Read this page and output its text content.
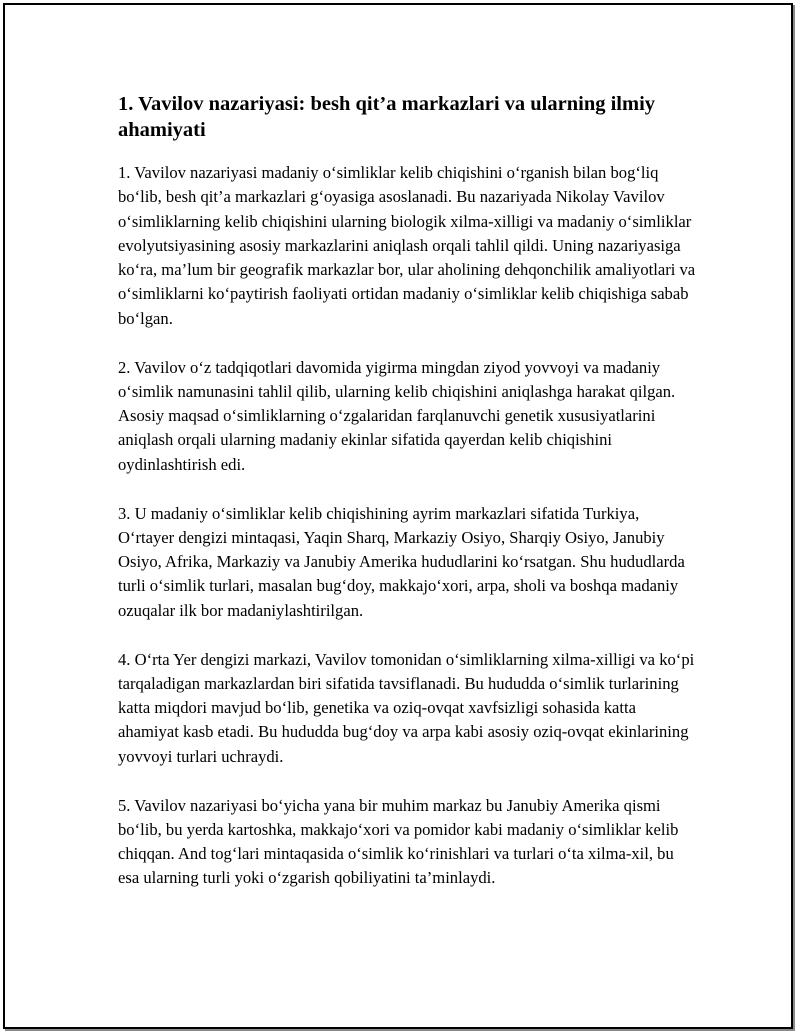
1. Vavilov nazariyasi: besh qit’a markazlari va ularning ilmiy ahamiyati

1. Vavilov nazariyasi madaniy o‘simliklar kelib chiqishini o‘rganish bilan bog‘liq bo‘lib, besh qit’a markazlari g‘oyasiga asoslanadi. Bu nazariyada Nikolay Vavilov o‘simliklarning kelib chiqishini ularning biologik xilma-xilligi va madaniy o‘simliklar evolyutsiyasining asosiy markazlarini aniqlash orqali tahlil qildi. Uning nazariyasiga ko‘ra, ma’lum bir geografik markazlar bor, ular aholining dehqonchilik amaliyotlari va o‘simliklarni ko‘paytirish faoliyati ortidan madaniy o‘simliklar kelib chiqishiga sabab bo‘lgan.

2. Vavilov o‘z tadqiqotlari davomida yigirma mingdan ziyod yovvoyi va madaniy o‘simlik namunasini tahlil qilib, ularning kelib chiqishini aniqlashga harakat qilgan. Asosiy maqsad o‘simliklarning o‘zgalaridan farqlanuvchi genetik xususiyatlarini aniqlash orqali ularning madaniy ekinlar sifatida qayerdan kelib chiqishini oydinlashtirish edi.

3. U madaniy o‘simliklar kelib chiqishining ayrim markazlari sifatida Turkiya, O‘rtayer dengizi mintaqasi, Yaqin Sharq, Markaziy Osiyo, Sharqiy Osiyo, Janubiy Osiyo, Afrika, Markaziy va Janubiy Amerika hududlarini ko‘rsatgan. Shu hududlarda turli o‘simlik turlari, masalan bug‘doy, makkajo‘xori, arpa, sholi va boshqa madaniy ozuqalar ilk bor madaniylashtirilgan.

4. O‘rta Yer dengizi markazi, Vavilov tomonidan o‘simliklarning xilma-xilligi va ko‘pi tarqaladigan markazlardan biri sifatida tavsiflanadi. Bu hududda o‘simlik turlarining katta miqdori mavjud bo‘lib, genetika va oziq-ovqat xavfsizligi sohasida katta ahamiyat kasb etadi. Bu hududda bug‘doy va arpa kabi asosiy oziq-ovqat ekinlarining yovvoyi turlari uchraydi.

5. Vavilov nazariyasi bo‘yicha yana bir muhim markaz bu Janubiy Amerika qismi bo‘lib, bu yerda kartoshka, makkajo‘xori va pomidor kabi madaniy o‘simliklar kelib chiqqan. And tog‘lari mintaqasida o‘simlik ko‘rinishlari va turlari o‘ta xilma-xil, bu esa ularning turli yoki o‘zgarish qobiliyatini ta’minlaydi.
